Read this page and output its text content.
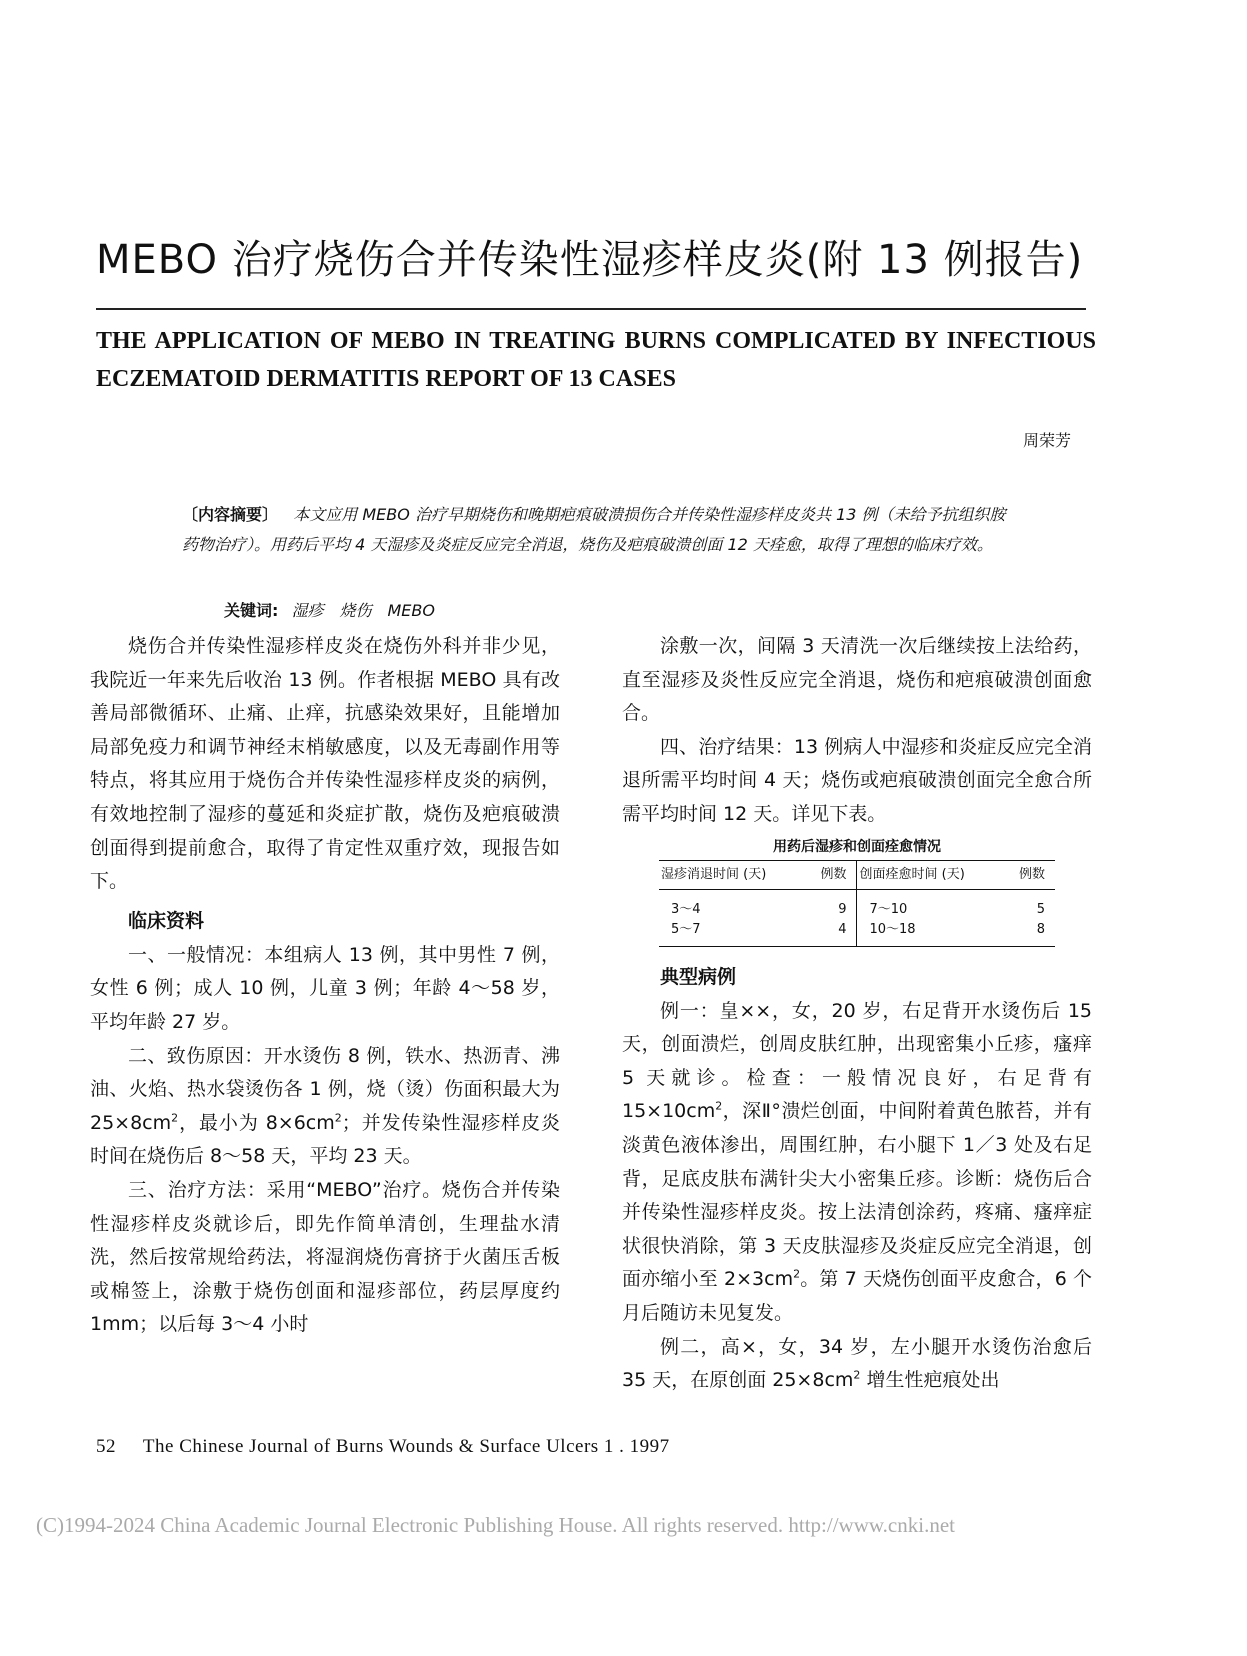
MEBO 治疗烧伤合并传染性湿疹样皮炎(附 13 例报告)
THE APPLICATION OF MEBO IN TREATING BURNS COMPLICATED BY INFECTIOUS ECZEMATOID DERMATITIS REPORT OF 13 CASES
周荣芳
〔内容摘要〕 本文应用 MEBO 治疗早期烧伤和晚期疤痕破溃损伤合并传染性湿疹样皮炎共 13 例（未给予抗组织胺药物治疗）。用药后平均 4 天湿疹及炎症反应完全消退，烧伤及疤痕破溃创面 12 天痊愈，取得了理想的临床疗效。
关键词: 湿疹　烧伤　MEBO

烧伤合并传染性湿疹样皮炎在烧伤外科并非少见，我院近一年来先后收治 13 例。作者根据 MEBO 具有改善局部微循环、止痛、止痒，抗感染效果好，且能增加局部免疫力和调节神经末梢敏感度，以及无毒副作用等特点，将其应用于烧伤合并传染性湿疹样皮炎的病例，有效地控制了湿疹的蔓延和炎症扩散，烧伤及疤痕破溃创面得到提前愈合，取得了肯定性双重疗效，现报告如下。

临床资料

一、一般情况：本组病人 13 例，其中男性 7 例，女性 6 例；成人 10 例，儿童 3 例；年龄 4～58 岁，平均年龄 27 岁。

二、致伤原因：开水烫伤 8 例，铁水、热沥青、沸油、火焰、热水袋烫伤各 1 例，烧（烫）伤面积最大为 $25\times 8cm^2$，最小为 $8\times 6cm^2$；并发传染性湿疹样皮炎时间在烧伤后 8～58 天，平均 23 天。

三、治疗方法：采用“MEBO”治疗。烧伤合并传染性湿疹样皮炎就诊后，即先作简单清创，生理盐水清洗，然后按常规给药法，将湿润烧伤膏挤于火菌压舌板或棉签上，涂敷于烧伤创面和湿疹部位，药层厚度约 1mm；以后每 3～4 小时

涂敷一次，间隔 3 天清洗一次后继续按上法给药，直至湿疹及炎性反应完全消退，烧伤和疤痕破溃创面愈合。

四、治疗结果：13 例病人中湿疹和炎症反应完全消退所需平均时间 4 天；烧伤或疤痕破溃创面完全愈合所需平均时间 12 天。详见下表。

用药后湿疹和创面痊愈情况
湿疹消退时间 (天)	例数	创面痊愈时间 (天)	例数
3～4	9	7～10	5
5～7	4	10～18	8
典型病例

例一：皇××，女，20 岁，右足背开水烫伤后 15 天，创面溃烂，创周皮肤红肿，出现密集小丘疹，瘙痒 5 天就诊。检查：一般情况良好，右足背有 $15\times 10cm^2$，深Ⅱ°溃烂创面，中间附着黄色脓苔，并有淡黄色液体渗出，周围红肿，右小腿下 1／3 处及右足背，足底皮肤布满针尖大小密集丘疹。诊断：烧伤后合并传染性湿疹样皮炎。按上法清创涂药，疼痛、瘙痒症状很快消除，第 3 天皮肤湿疹及炎症反应完全消退，创面亦缩小至 $2\times 3cm^2$。第 7 天烧伤创面平皮愈合，6 个月后随访未见复发。

例二，高×，女，34 岁，左小腿开水烫伤治愈后 35 天，在原创面 $25\times 8cm^2$ 增生性疤痕处出

52 The Chinese Journal of Burns Wounds & Surface Ulcers 1 . 1997
(C)1994-2024 China Academic Journal Electronic Publishing House. All rights reserved. http://www.cnki.net
